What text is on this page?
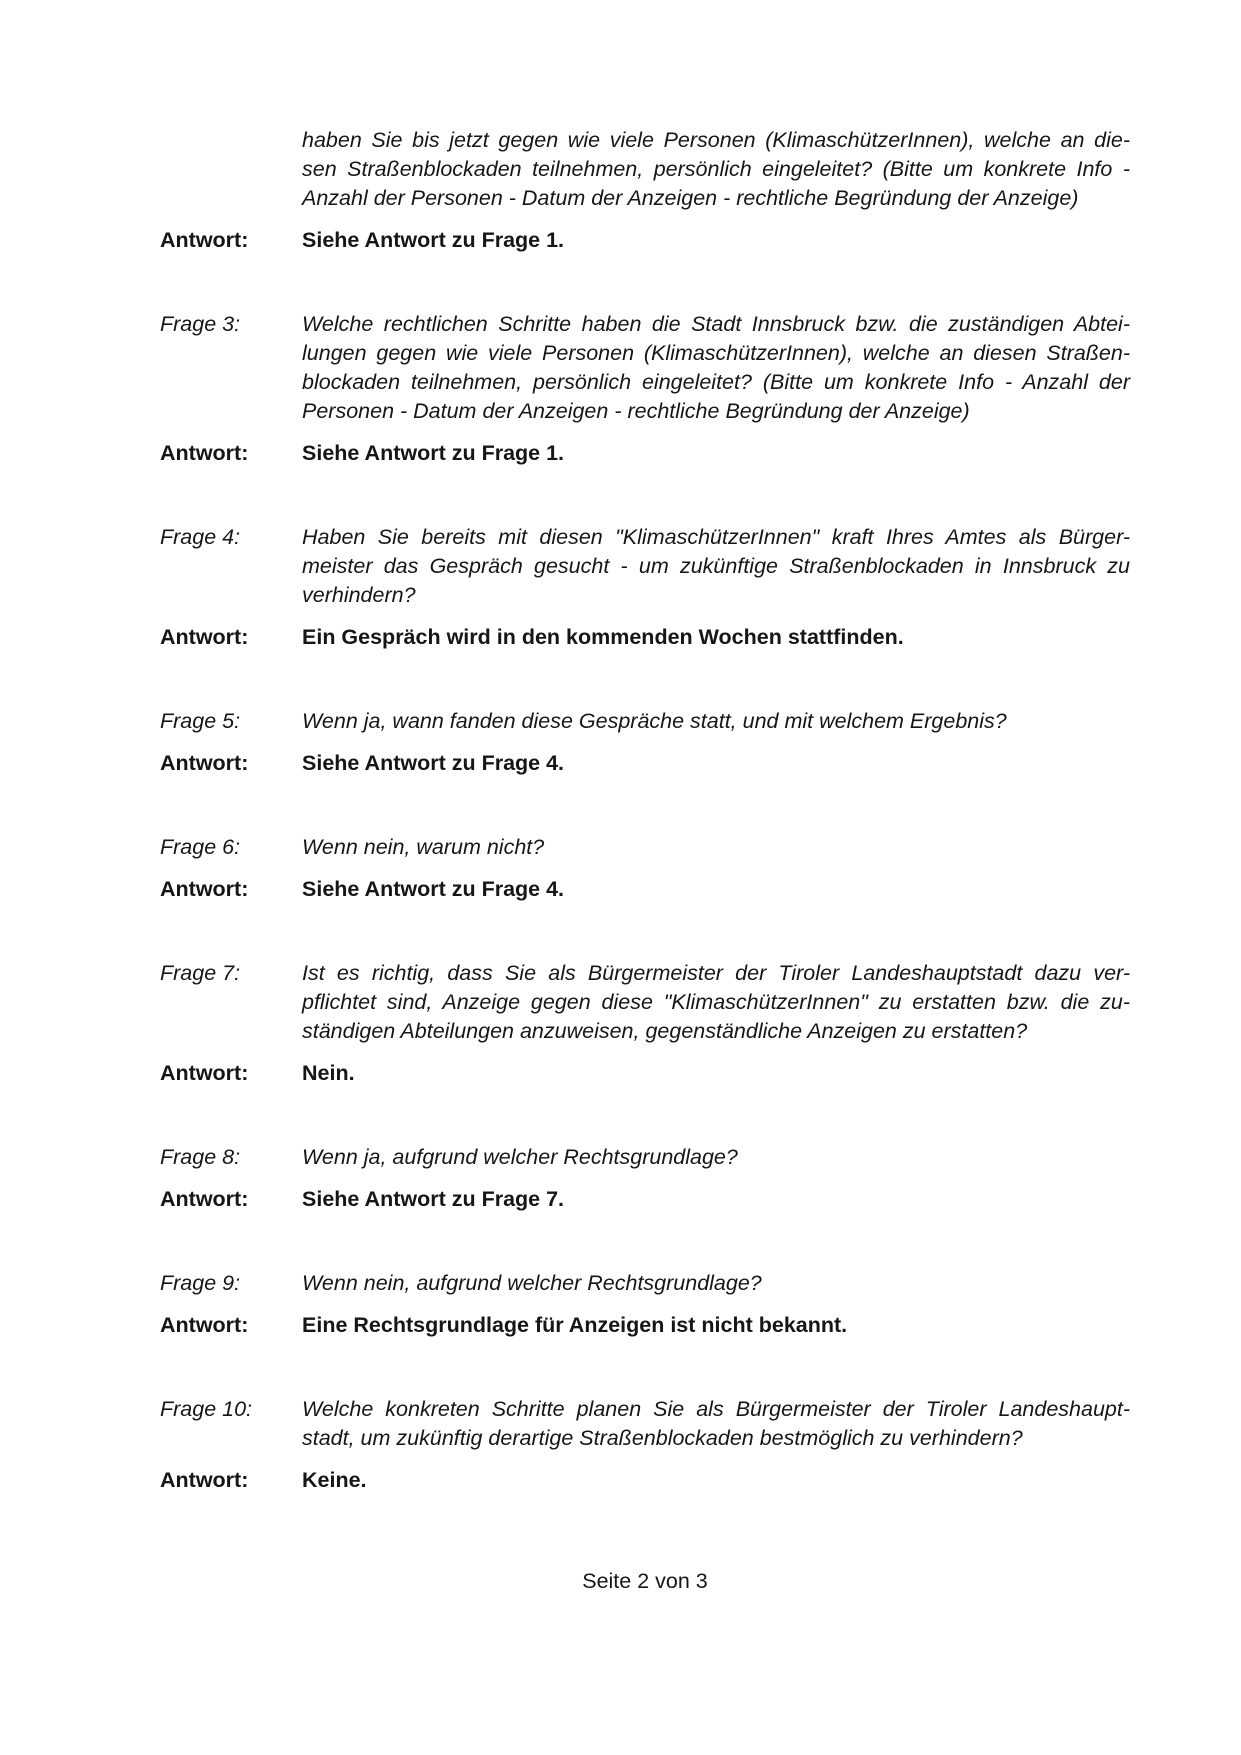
haben Sie bis jetzt gegen wie viele Personen (KlimaschützerInnen), welche an die-
sen Straßenblockaden teilnehmen, persönlich eingeleitet? (Bitte um konkrete Info -
Anzahl der Personen - Datum der Anzeigen - rechtliche Begründung der Anzeige)
Antwort:	Siehe Antwort zu Frage 1.
Frage 3:	Welche rechtlichen Schritte haben die Stadt Innsbruck bzw. die zuständigen Abtei-
lungen gegen wie viele Personen (KlimaschützerInnen), welche an diesen Straßen-
blockaden teilnehmen, persönlich eingeleitet? (Bitte um konkrete Info - Anzahl der
Personen - Datum der Anzeigen - rechtliche Begründung der Anzeige)
Antwort:	Siehe Antwort zu Frage 1.
Frage 4:	Haben Sie bereits mit diesen "KlimaschützerInnen" kraft Ihres Amtes als Bürger-
meister das Gespräch gesucht - um zukünftige Straßenblockaden in Innsbruck zu
verhindern?
Antwort:	Ein Gespräch wird in den kommenden Wochen stattfinden.
Frage 5:	Wenn ja, wann fanden diese Gespräche statt, und mit welchem Ergebnis?
Antwort:	Siehe Antwort zu Frage 4.
Frage 6:	Wenn nein, warum nicht?
Antwort:	Siehe Antwort zu Frage 4.
Frage 7:	Ist es richtig, dass Sie als Bürgermeister der Tiroler Landeshauptstadt dazu ver-
pflichtet sind, Anzeige gegen diese "KlimaschützerInnen" zu erstatten bzw. die zu-
ständigen Abteilungen anzuweisen, gegenständliche Anzeigen zu erstatten?
Antwort:	Nein.
Frage 8:	Wenn ja, aufgrund welcher Rechtsgrundlage?
Antwort:	Siehe Antwort zu Frage 7.
Frage 9:	Wenn nein, aufgrund welcher Rechtsgrundlage?
Antwort:	Eine Rechtsgrundlage für Anzeigen ist nicht bekannt.
Frage 10:	Welche konkreten Schritte planen Sie als Bürgermeister der Tiroler Landeshaupt-
stadt, um zukünftig derartige Straßenblockaden bestmöglich zu verhindern?
Antwort:	Keine.
Seite 2 von 3
